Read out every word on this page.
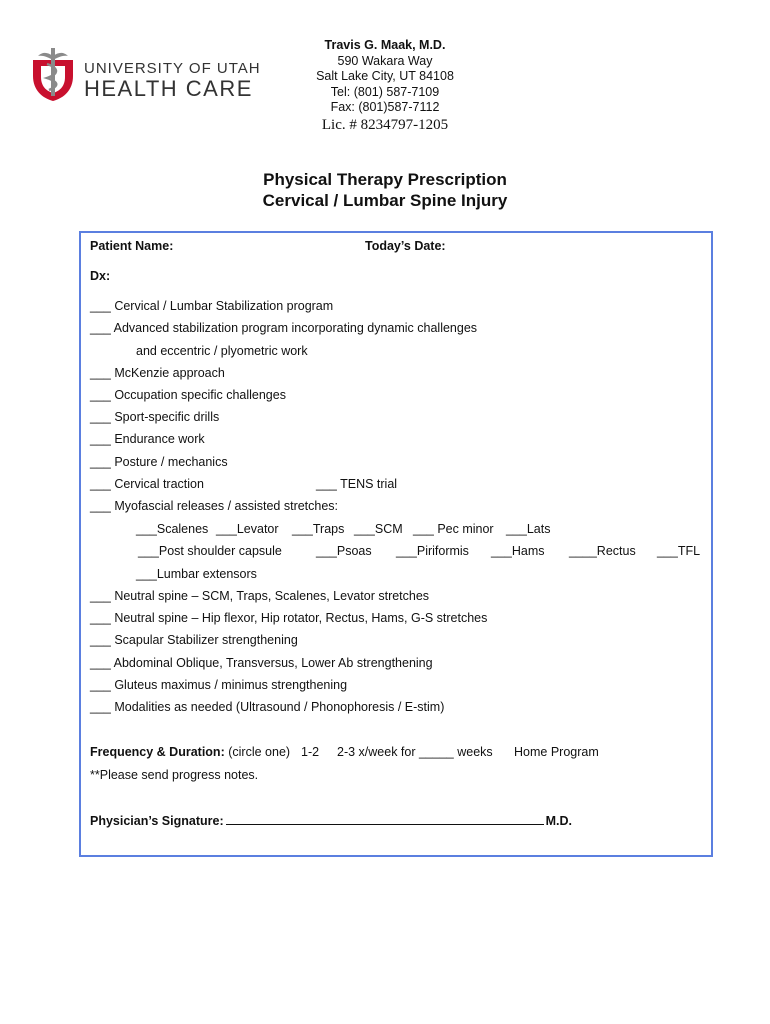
UNIVERSITY OF UTAH
HEALTH CARE
Travis G. Maak, M.D.
590 Wakara Way
Salt Lake City, UT 84108
Tel: (801) 587-7109
Fax: (801)587-7112
Lic. # 8234797-1205
Physical Therapy Prescription
Cervical / Lumbar Spine Injury
Patient Name:	Today’s Date:
Dx:
___ Cervical / Lumbar Stabilization program
___ Advanced stabilization program incorporating dynamic challenges
and eccentric / plyometric work
___ McKenzie approach
___ Occupation specific challenges
___ Sport-specific drills
___ Endurance work
___ Posture / mechanics
___ Cervical traction	___ TENS trial
___ Myofascial releases / assisted stretches:
___Scalenes ___Levator ___Traps ___SCM ___ Pec minor ___Lats
___Post shoulder capsule	___Psoas ___Piriformis ___Hams ____Rectus ___TFL
___Lumbar extensors
___ Neutral spine – SCM, Traps, Scalenes, Levator stretches
___ Neutral spine – Hip flexor, Hip rotator, Rectus, Hams, G-S stretches
___ Scapular Stabilizer strengthening
___ Abdominal Oblique, Transversus, Lower Ab strengthening
___ Gluteus maximus / minimus strengthening
___ Modalities as needed (Ultrasound / Phonophoresis / E-stim)
Frequency & Duration: (circle one) 1-2 2-3 x/week for _____ weeks Home Program
**Please send progress notes.
Physician’s Signature:	M.D.
